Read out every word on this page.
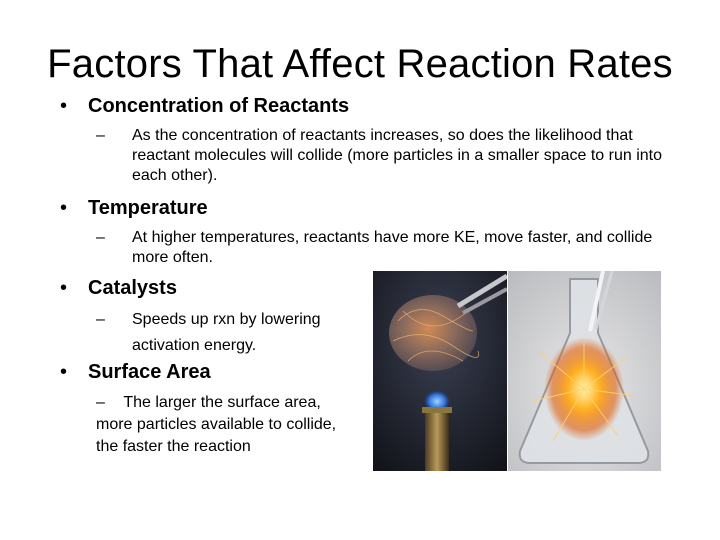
Factors That Affect Reaction Rates
• Concentration of Reactants
–	As the concentration of reactants increases, so does the likelihood that reactant molecules will collide (more particles in a smaller space to run into each other).
• Temperature
–	At higher temperatures, reactants have more KE, move faster, and collide more often.
• Catalysts
–	Speeds up rxn by lowering activation energy.
• Surface Area
– The larger the surface area,
more particles available to collide,
the faster the reaction
